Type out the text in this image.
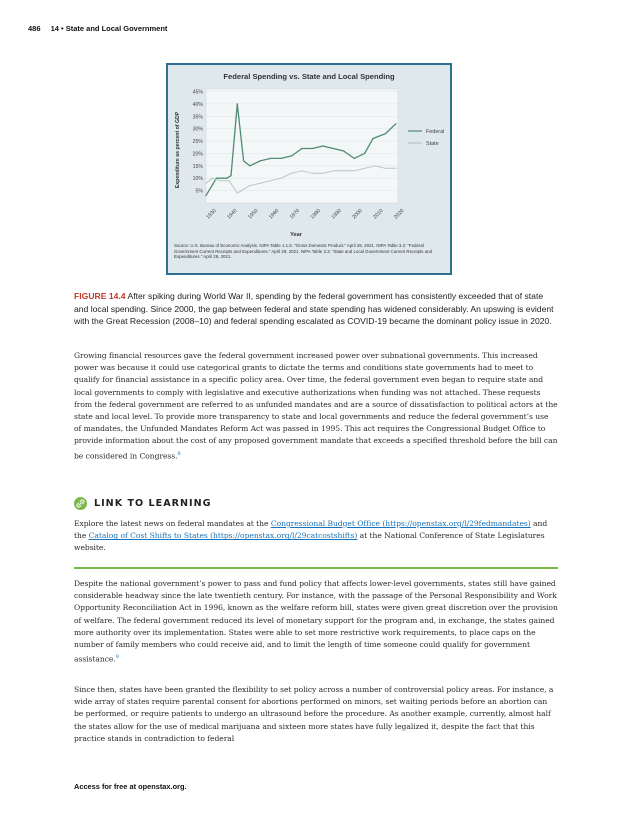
486 14 • State and Local Government
Federal Spending vs. State and Local Spending
5%
10%
15%
20%
25%
30%
35%
40%
45%
1930 1940 1950 1960 1970 1980 1990 2000 2010 2020
Federal
State
Expenditure as percent of GDP
Year
Source: U.S. Bureau of Economic Analysis. NIPA Table 1.1.5: “Gross Domestic Product.” April 29, 2021. NIPA Table 3.2: “Federal Government Current Receipts and Expenditures.” April 29, 2021. NIPA Table 3.3: “State and Local Government Current Receipts and Expenditures.” April 29, 2021.
FIGURE 14.4 After spiking during World War II, spending by the federal government has consistently exceeded that of state and local spending. Since 2000, the gap between federal and state spending has widened considerably. An upswing is evident with the Great Recession (2008–10) and federal spending escalated as COVID-19 became the dominant policy issue in 2020.

Growing financial resources gave the federal government increased power over subnational governments. This increased power was because it could use categorical grants to dictate the terms and conditions state governments had to meet to qualify for financial assistance in a specific policy area. Over time, the federal government even began to require state and local governments to comply with legislative and executive authorizations when funding was not attached. These requests from the federal government are referred to as unfunded mandates and are a source of dissatisfaction to political actors at the state and local level. To provide more transparency to state and local governments and reduce the federal government’s use of mandates, the Unfunded Mandates Reform Act was passed in 1995. This act requires the Congressional Budget Office to provide information about the cost of any proposed government mandate that exceeds a specified threshold before the bill can be considered in Congress.$^8$

LINK TO LEARNING

Explore the latest news on federal mandates at the Congressional Budget Office (https://openstax.org/l/29fedmandates) and the Catalog of Cost Shifts to States (https://openstax.org/l/29catcostshifts) at the National Conference of State Legislatures website.

Despite the national government’s power to pass and fund policy that affects lower-level governments, states still have gained considerable headway since the late twentieth century. For instance, with the passage of the Personal Responsibility and Work Opportunity Reconciliation Act in 1996, known as the welfare reform bill, states were given great discretion over the provision of welfare. The federal government reduced its level of monetary support for the program and, in exchange, the states gained more authority over its implementation. States were able to set more restrictive work requirements, to place caps on the number of family members who could receive aid, and to limit the length of time someone could qualify for government assistance.$^9$

Since then, states have been granted the flexibility to set policy across a number of controversial policy areas. For instance, a wide array of states require parental consent for abortions performed on minors, set waiting periods before an abortion can be performed, or require patients to undergo an ultrasound before the procedure. As another example, currently, almost half the states allow for the use of medical marijuana and sixteen more states have fully legalized it, despite the fact that this practice stands in contradiction to federal

Access for free at openstax.org.
